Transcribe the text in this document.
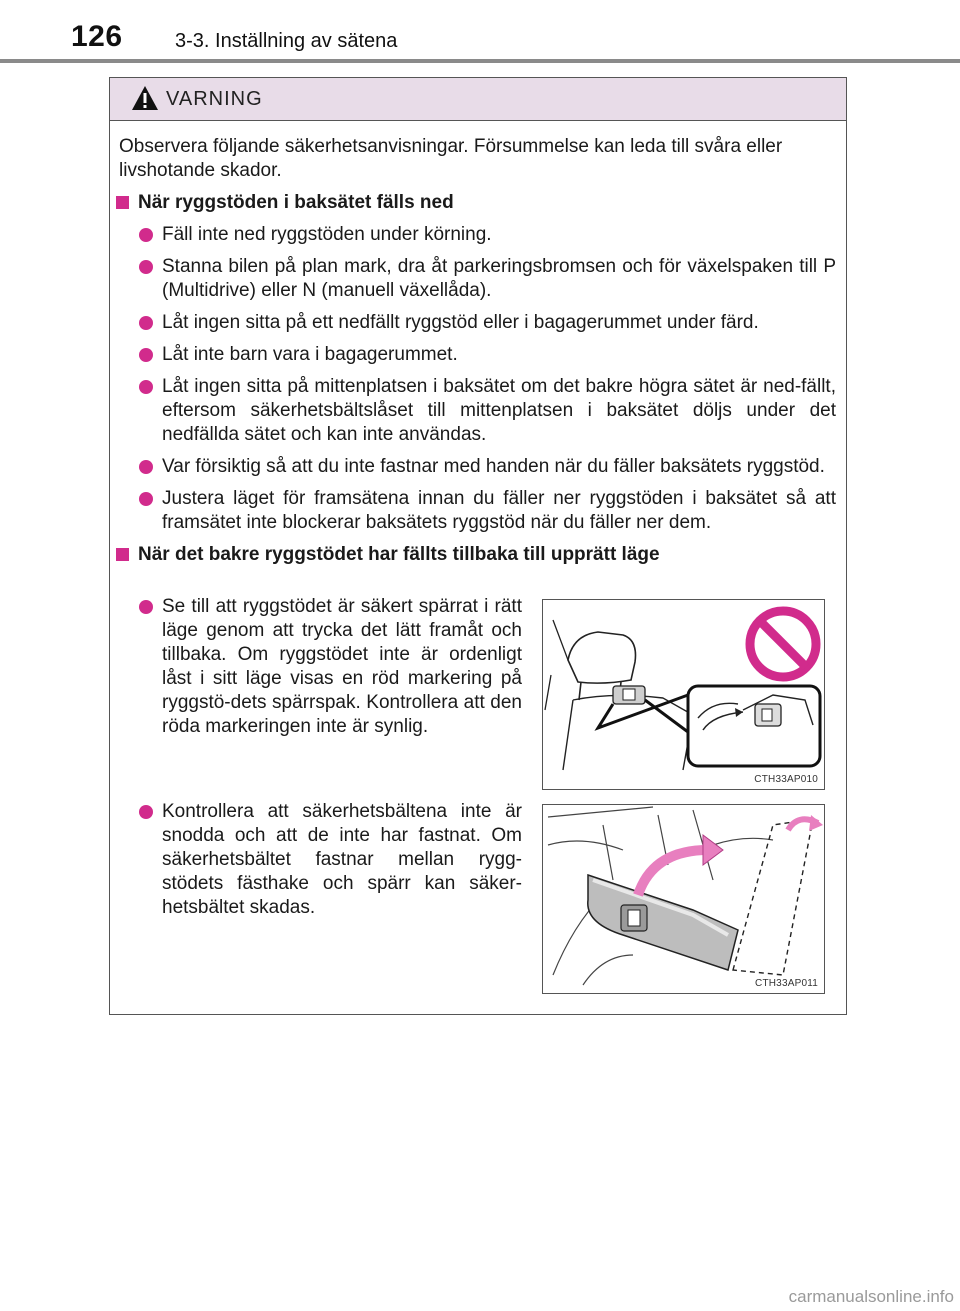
126	3-3. Inställning av sätena
VARNING

Observera följande säkerhetsanvisningar. Försummelse kan leda till svåra eller livshotande skador.

När ryggstöden i baksätet fälls ned
Fäll inte ned ryggstöden under körning.
Stanna bilen på plan mark, dra åt parkeringsbromsen och för växelspaken till P (Multidrive) eller N (manuell växellåda).
Låt ingen sitta på ett nedfällt ryggstöd eller i bagagerummet under färd.
Låt inte barn vara i bagagerummet.
Låt ingen sitta på mittenplatsen i baksätet om det bakre högra sätet är ned-fällt, eftersom säkerhetsbältslåset till mittenplatsen i baksätet döljs under det nedfällda sätet och kan inte användas.
Var försiktig så att du inte fastnar med handen när du fäller baksätets ryggstöd.
Justera läget för framsätena innan du fäller ner ryggstöden i baksätet så att framsätet inte blockerar baksätets ryggstöd när du fäller ner dem.
När det bakre ryggstödet har fällts tillbaka till upprätt läge
Se till att ryggstödet är säkert spärrat i rätt läge genom att trycka det lätt framåt och tillbaka. Om ryggstödet inte är ordenligt låst i sitt läge visas en röd markering på ryggstö-dets spärrspak. Kontrollera att den röda markeringen inte är synlig.
CTH33AP010
Kontrollera att säkerhetsbältena inte är snodda och att de inte har fastnat. Om säkerhetsbältet fastnar mellan rygg-stödets fästhake och spärr kan säker-hetsbältet skadas.
CTH33AP011
carmanualsonline.info
